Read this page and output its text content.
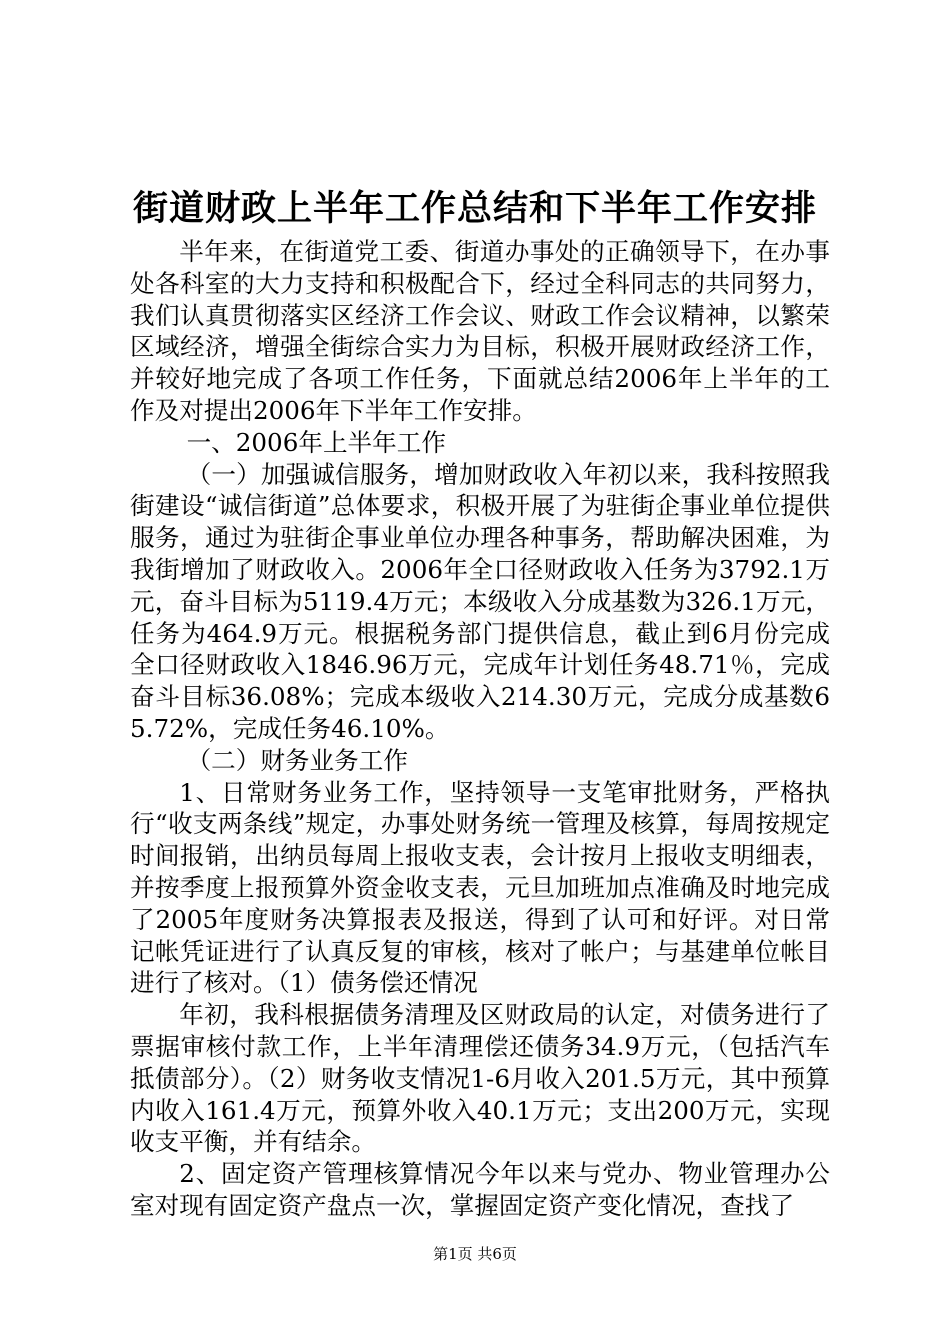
街道财政上半年工作总结和下半年工作安排

半年来，在街道党工委、街道办事处的正确领导下，在办事处各科室的大力支持和积极配合下，经过全科同志的共同努力，我们认真贯彻落实区经济工作会议、财政工作会议精神，以繁荣区域经济，增强全街综合实力为目标，积极开展财政经济工作，并较好地完成了各项工作任务，下面就总结2006年上半年的工作及对提出2006年下半年工作安排。

一、2006年上半年工作

（一）加强诚信服务，增加财政收入年初以来，我科按照我街建设“诚信街道”总体要求，积极开展了为驻街企事业单位提供服务，通过为驻街企事业单位办理各种事务，帮助解决困难，为我街增加了财政收入。2006年全口径财政收入任务为3792.1万元，奋斗目标为5119.4万元；本级收入分成基数为326.1万元，任务为464.9万元。根据税务部门提供信息，截止到6月份完成全口径财政收入1846.96万元，完成年计划任务48.71％，完成奋斗目标36.08%；完成本级收入214.30万元，完成分成基数65.72%，完成任务46.10%。

（二）财务业务工作

1、日常财务业务工作，坚持领导一支笔审批财务，严格执行“收支两条线”规定，办事处财务统一管理及核算，每周按规定时间报销，出纳员每周上报收支表，会计按月上报收支明细表，并按季度上报预算外资金收支表，元旦加班加点准确及时地完成了2005年度财务决算报表及报送，得到了认可和好评。对日常记帐凭证进行了认真反复的审核，核对了帐户；与基建单位帐目进行了核对。（1）债务偿还情况

年初，我科根据债务清理及区财政局的认定，对债务进行了票据审核付款工作，上半年清理偿还债务34.9万元，（包括汽车抵债部分）。（2）财务收支情况1-6月收入201.5万元，其中预算内收入161.4万元，预算外收入40.1万元；支出200万元，实现收支平衡，并有结余。

2、固定资产管理核算情况今年以来与党办、物业管理办公室对现有固定资产盘点一次，掌握固定资产变化情况，查找了

第1页 共6页
